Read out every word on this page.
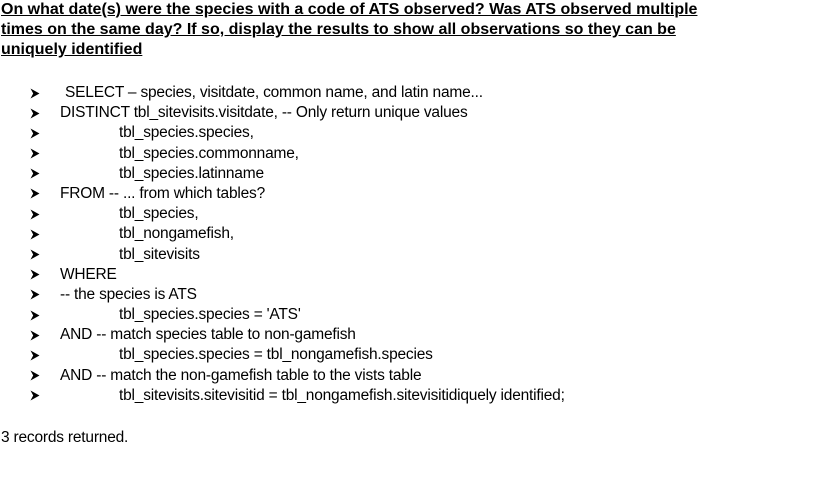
On what date(s) were the species with a code of ATS observed? Was ATS observed multiple
times on the same day? If so, display the results to show all observations so they can be
uniquely identified
SELECT – species, visitdate, common name, and latin name...
DISTINCT tbl_sitevisits.visitdate, -- Only return unique values
tbl_species.species,
tbl_species.commonname,
tbl_species.latinname
FROM -- ... from which tables?
tbl_species,
tbl_nongamefish,
tbl_sitevisits
WHERE
-- the species is ATS
tbl_species.species = 'ATS'
AND -- match species table to non-gamefish
tbl_species.species = tbl_nongamefish.species
AND -- match the non-gamefish table to the vists table
tbl_sitevisits.sitevisitid = tbl_nongamefish.sitevisitidiquely identified;
3 records returned.
